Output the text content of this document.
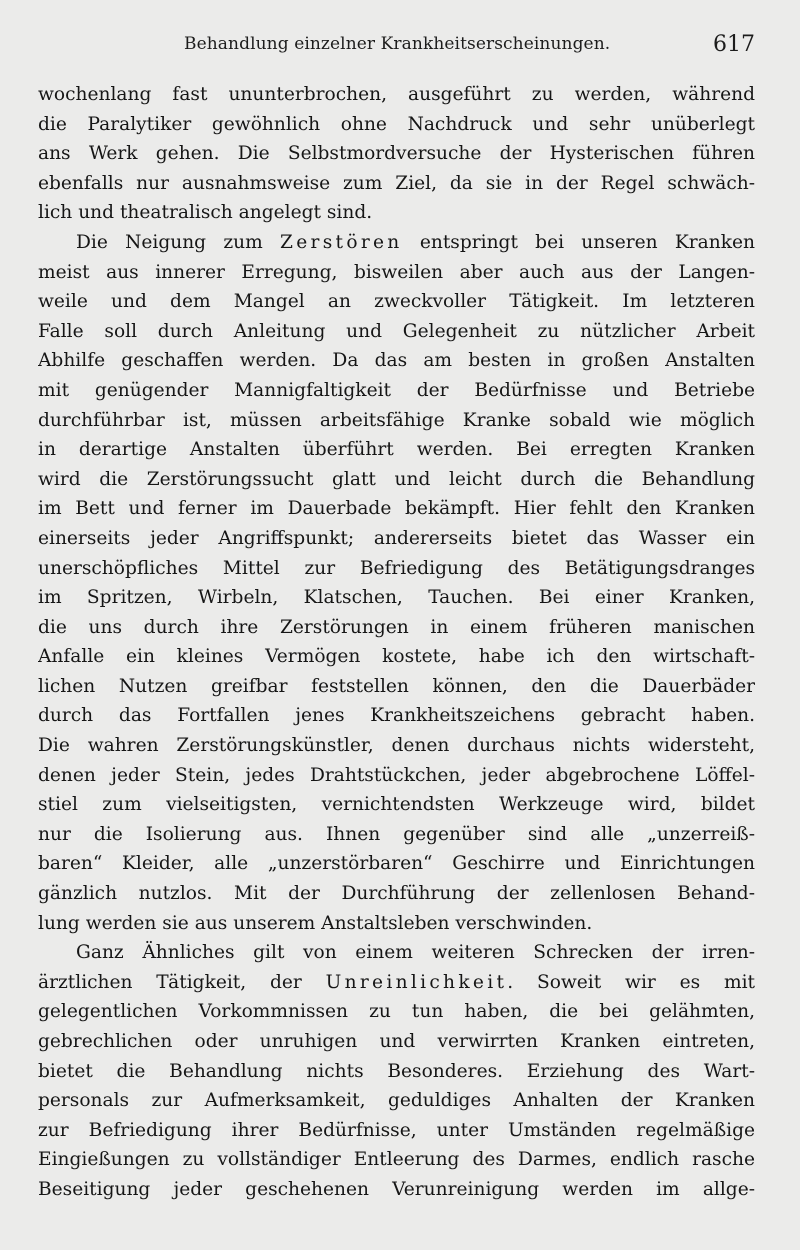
Behandlung einzelner Krankheitserscheinungen.	617
wochenlang fast ununterbrochen, ausgeführt zu werden, während
die Paralytiker gewöhnlich ohne Nachdruck und sehr unüberlegt
ans Werk gehen. Die Selbstmordversuche der Hysterischen führen
ebenfalls nur ausnahmsweise zum Ziel, da sie in der Regel schwäch-
lich und theatralisch angelegt sind.
Die Neigung zum Zerstören entspringt bei unseren Kranken
meist aus innerer Erregung, bisweilen aber auch aus der Langen-
weile und dem Mangel an zweckvoller Tätigkeit. Im letzteren
Falle soll durch Anleitung und Gelegenheit zu nützlicher Arbeit
Abhilfe geschaffen werden. Da das am besten in großen Anstalten
mit genügender Mannigfaltigkeit der Bedürfnisse und Betriebe
durchführbar ist, müssen arbeitsfähige Kranke sobald wie möglich
in derartige Anstalten überführt werden. Bei erregten Kranken
wird die Zerstörungssucht glatt und leicht durch die Behandlung
im Bett und ferner im Dauerbade bekämpft. Hier fehlt den Kranken
einerseits jeder Angriffspunkt; andererseits bietet das Wasser ein
unerschöpfliches Mittel zur Befriedigung des Betätigungsdranges
im Spritzen, Wirbeln, Klatschen, Tauchen. Bei einer Kranken,
die uns durch ihre Zerstörungen in einem früheren manischen
Anfalle ein kleines Vermögen kostete, habe ich den wirtschaft-
lichen Nutzen greifbar feststellen können, den die Dauerbäder
durch das Fortfallen jenes Krankheitszeichens gebracht haben.
Die wahren Zerstörungskünstler, denen durchaus nichts widersteht,
denen jeder Stein, jedes Drahtstückchen, jeder abgebrochene Löffel-
stiel zum vielseitigsten, vernichtendsten Werkzeuge wird, bildet
nur die Isolierung aus. Ihnen gegenüber sind alle „unzerreiß-
baren“ Kleider, alle „unzerstörbaren“ Geschirre und Einrichtungen
gänzlich nutzlos. Mit der Durchführung der zellenlosen Behand-
lung werden sie aus unserem Anstaltsleben verschwinden.
Ganz Ähnliches gilt von einem weiteren Schrecken der irren-
ärztlichen Tätigkeit, der Unreinlichkeit. Soweit wir es mit
gelegentlichen Vorkommnissen zu tun haben, die bei gelähmten,
gebrechlichen oder unruhigen und verwirrten Kranken eintreten,
bietet die Behandlung nichts Besonderes. Erziehung des Wart-
personals zur Aufmerksamkeit, geduldiges Anhalten der Kranken
zur Befriedigung ihrer Bedürfnisse, unter Umständen regelmäßige
Eingießungen zu vollständiger Entleerung des Darmes, endlich rasche
Beseitigung jeder geschehenen Verunreinigung werden im allge-
